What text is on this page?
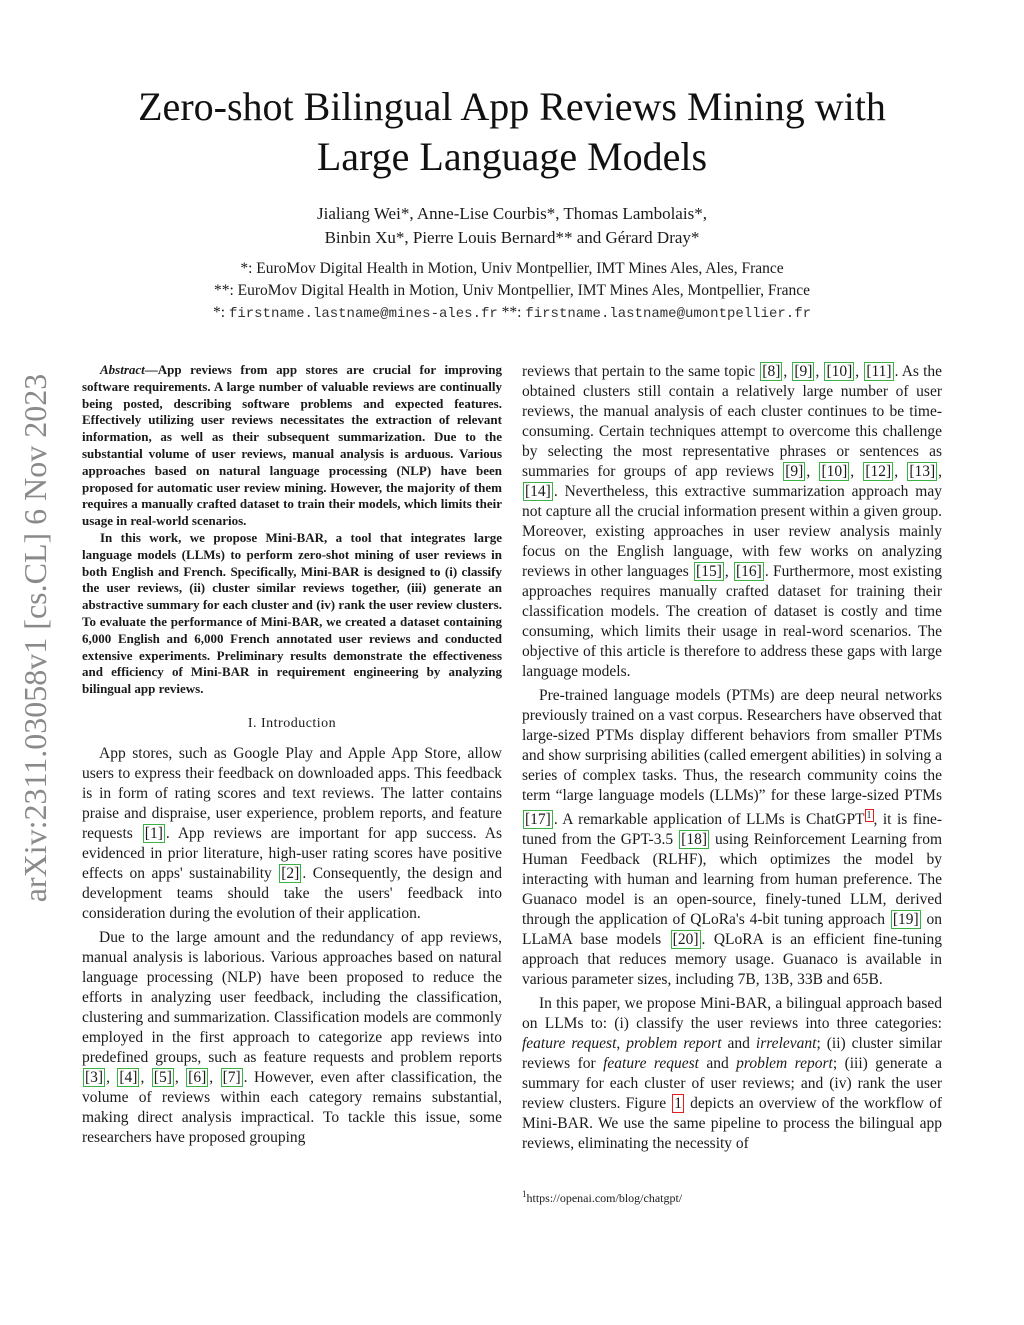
Zero-shot Bilingual App Reviews Mining with Large Language Models
Jialiang Wei*, Anne-Lise Courbis*, Thomas Lambolais*,
Binbin Xu*, Pierre Louis Bernard** and Gérard Dray*
*: EuroMov Digital Health in Motion, Univ Montpellier, IMT Mines Ales, Ales, France
**: EuroMov Digital Health in Motion, Univ Montpellier, IMT Mines Ales, Montpellier, France
*: firstname.lastname@mines-ales.fr **: firstname.lastname@umontpellier.fr
arXiv:2311.03058v1 [cs.CL] 6 Nov 2023

Abstract—App reviews from app stores are crucial for improving software requirements. A large number of valuable reviews are continually being posted, describing software problems and expected features. Effectively utilizing user reviews necessitates the extraction of relevant information, as well as their subsequent summarization. Due to the substantial volume of user reviews, manual analysis is arduous. Various approaches based on natural language processing (NLP) have been proposed for automatic user review mining. However, the majority of them requires a manually crafted dataset to train their models, which limits their usage in real-world scenarios.

In this work, we propose Mini-BAR, a tool that integrates large language models (LLMs) to perform zero-shot mining of user reviews in both English and French. Specifically, Mini-BAR is designed to (i) classify the user reviews, (ii) cluster similar reviews together, (iii) generate an abstractive summary for each cluster and (iv) rank the user review clusters. To evaluate the performance of Mini-BAR, we created a dataset containing 6,000 English and 6,000 French annotated user reviews and conducted extensive experiments. Preliminary results demonstrate the effectiveness and efficiency of Mini-BAR in requirement engineering by analyzing bilingual app reviews.

I. Introduction

App stores, such as Google Play and Apple App Store, allow users to express their feedback on downloaded apps. This feedback is in form of rating scores and text reviews. The latter contains praise and dispraise, user experience, problem reports, and feature requests [1] . App reviews are important for app success. As evidenced in prior literature, high-user rating scores have positive effects on apps' sustainability [2] . Consequently, the design and development teams should take the users' feedback into consideration during the evolution of their application.

Due to the large amount and the redundancy of app reviews, manual analysis is laborious. Various approaches based on natural language processing (NLP) have been proposed to reduce the efforts in analyzing user feedback, including the classification, clustering and summarization. Classification models are commonly employed in the first approach to categorize app reviews into predefined groups, such as feature requests and problem reports [3] , [4] , [5] , [6] , [7] . However, even after classification, the volume of reviews within each category remains substantial, making direct analysis impractical. To tackle this issue, some researchers have proposed grouping

reviews that pertain to the same topic [8] , [9] , [10] , [11] . As the obtained clusters still contain a relatively large number of user reviews, the manual analysis of each cluster continues to be time-consuming. Certain techniques attempt to overcome this challenge by selecting the most representative phrases or sentences as summaries for groups of app reviews [9] , [10] , [12] , [13] , [14] . Nevertheless, this extractive summarization approach may not capture all the crucial information present within a given group. Moreover, existing approaches in user review analysis mainly focus on the English language, with few works on analyzing reviews in other languages [15] , [16] . Furthermore, most existing approaches requires manually crafted dataset for training their classification models. The creation of dataset is costly and time consuming, which limits their usage in real-word scenarios. The objective of this article is therefore to address these gaps with large language models.

Pre-trained language models (PTMs) are deep neural networks previously trained on a vast corpus. Researchers have observed that large-sized PTMs display different behaviors from smaller PTMs and show surprising abilities (called emergent abilities) in solving a series of complex tasks. Thus, the research community coins the term “large language models (LLMs)” for these large-sized PTMs [17] . A remarkable application of LLMs is ChatGPT $^1$ , it is fine-tuned from the GPT-3.5 [18] using Reinforcement Learning from Human Feedback (RLHF), which optimizes the model by interacting with human and learning from human preference. The Guanaco model is an open-source, finely-tuned LLM, derived through the application of QLoRa's 4-bit tuning approach [19] on LLaMA base models [20] . QLoRA is an efficient fine-tuning approach that reduces memory usage. Guanaco is available in various parameter sizes, including 7B, 13B, 33B and 65B.

In this paper, we propose Mini-BAR, a bilingual approach based on LLMs to: (i) classify the user reviews into three categories: feature request, problem report and irrelevant; (ii) cluster similar reviews for feature request and problem report; (iii) generate a summary for each cluster of user reviews; and (iv) rank the user review clusters. Figure 1 depicts an overview of the workflow of Mini-BAR. We use the same pipeline to process the bilingual app reviews, eliminating the necessity of

$^1$https://openai.com/blog/chatgpt/
